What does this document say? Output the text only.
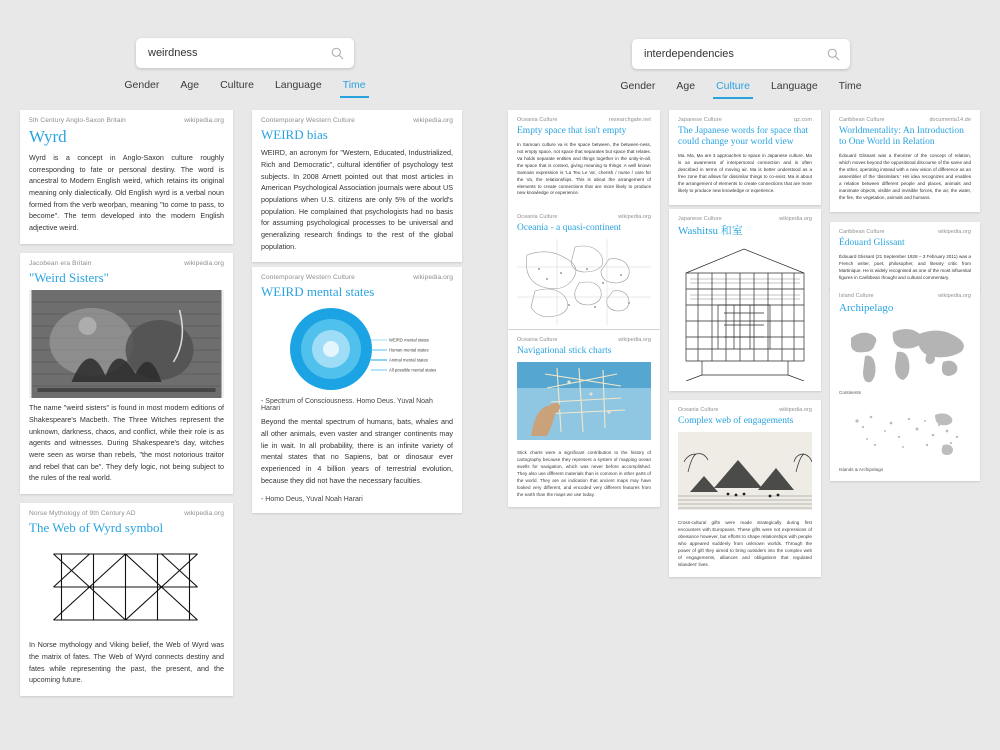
weirdness
Gender Age Culture Language Time
interdependencies	Gender Age Culture Language Time
5th Century Anglo-Saxon Britain	wikipedia.org
Wyrd
Wyrd is a concept in Anglo-Saxon culture roughly corresponding to fate or personal destiny. The word is ancestral to Modern English weird, which retains its original meaning only dialectically. Old English wyrd is a verbal noun formed from the verb weorþan, meaning "to come to pass, to become". The term developed into the modern English adjective weird.
Jacobean era Britain	wikipedia.org
"Weird Sisters"
The name "weird sisters" is found in most modern editions of Shakespeare's Macbeth. The Three Witches represent the unknown, darkness, chaos, and conflict, while their role is as agents and witnesses. During Shakespeare's day, witches were seen as worse than rebels, "the most notorious traitor and rebel that can be". They defy logic, not being subject to the rules of the real world.
Norse Mythology of 9th Century AD	wikipedia.org
The Web of Wyrd symbol
In Norse mythology and Viking belief, the Web of Wyrd was the matrix of fates. The Web of Wyrd connects destiny and fates while representing the past, the present, and the upcoming future.
Contemporary Western Culture	wikipedia.org
WEIRD bias
WEIRD, an acronym for "Western, Educated, Industrialized, Rich and Democratic", cultural identifier of psychology test subjects. In 2008 Arnett pointed out that most articles in American Psychological Association journals were about US populations when U.S. citizens are only 5% of the world's population. He complained that psychologists had no basis for assuming psychological processes to be universal and generalizing research findings to the rest of the global population.
Contemporary Western Culture	wikipedia.org
WEIRD mental states
WEIRD mental states
Human mental states
Animal mental states
All possible mental states
- Spectrum of Consciousness. Homo Deus. Yuval Noah Harari
Beyond the mental spectrum of humans, bats, whales and all other animals, even vaster and stranger continents may lie in wait. In all probability, there is an infinite variety of mental states that no Sapiens, bat or dinosaur ever experienced in 4 billion years of terrestrial evolution, because they did not have the necessary faculties.
- Homo Deus, Yuval Noah Harari
Oceania Culture	researchgate.net
Empty space that isn't empty
In Samoan culture va is the space between, the between-ness, not empty space, not space that separates but space that relates. Va holds separate entities and things together in the unity-in-all, the space that is context, giving meaning to things. A well known Samoan expression is 'La Teu Le Va', cherish / nurse / care for the Va, the relationships. This is about the arrangement of elements to create connections that are more likely to produce new knowledge or experience.
Oceania Culture	wikipedia.org
Oceania - a quasi-continent
Oceania Culture	wikipedia.org
Navigational stick charts
Stick charts were a significant contribution to the history of cartography because they represent a system of mapping ocean swells for navigation, which was never before accomplished. They also use different materials than is common in other parts of the world. They are an indication that ancient maps may have looked very different, and encoded very different features from the earth than the maps we use today.
Japanese Culture	qz.com
The Japanese words for space that could change your world view
Ma. Ma, Ṃa are 3 approaches to space in Japanese culture. Ma is an awareness of interpersonal connection and is often described in terms of moving air. Ma is better understood as a free zone that allows for dissimilar things to co-exist. Ma is about the arrangement of elements to create connections that are more likely to produce new knowledge or experience.
Japanese Culture	wikipedia.org
Washitsu 和室
Oceania Culture	wikipedia.org
Complex web of engagements
Cross-cultural gifts were made strategically during first encounters with Europeans. These gifts were not expressions of obeisance however, but efforts to shape relationships with people who appeared suddenly from unknown worlds. Through the power of gift they aimed to bring outsiders into the complex web of engagements, alliances and obligations that regulated islanders' lives.
Caribbean Culture	documenta14.de
Worldmentality: An Introduction to One World in Relation
Édouard Glissant was a theorizer of the concept of relation, which moves beyond the oppositional discourse of the same and the other, operating instead with a new vision of difference as an assemblier of the 'dissimilars.' His idea recognizes and enables a relation between different people and places, animals and inanimate objects, visible and invisible forces, the air, the water, the fire, the vegetation, animals and humans.
Caribbean Culture	wikipedia.org
Édouard Glissant
Édouard Glissant (21 September 1928 – 3 February 2011) was a French writer, poet, philosopher, and literary critic from Martinique. He is widely recognised as one of the most influential figures in Caribbean thought and cultural commentary.
Island Culture	wikipedia.org
Archipelago
Continents
Islands & Archipelago
